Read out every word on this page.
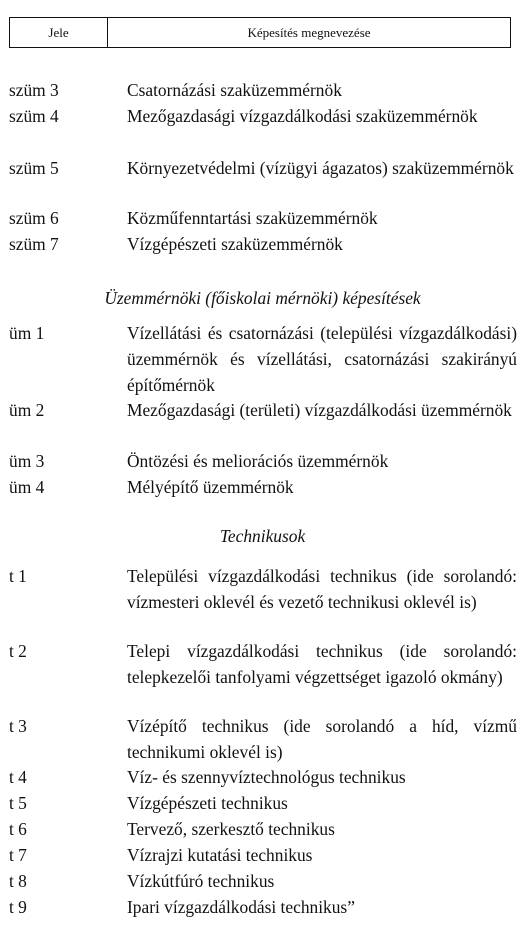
Jele	Képesítés megnevezése
szüm 3	Csatornázási szaküzemmérnök
szüm 4	Mezőgazdasági vízgazdálkodási szaküzemmérnök
szüm 5	Környezetvédelmi (vízügyi ágazatos) szaküzemmérnök
szüm 6	Közműfenntartási szaküzemmérnök
szüm 7	Vízgépészeti szaküzemmérnök
Üzemmérnöki (főiskolai mérnöki) képesítések
üm 1	Vízellátási és csatornázási (települési vízgazdálkodási) üzemmérnök és vízellátási, csatornázási szakirányú építőmérnök
üm 2	Mezőgazdasági (területi) vízgazdálkodási üzemmérnök
üm 3	Öntözési és meliorációs üzemmérnök
üm 4	Mélyépítő üzemmérnök
Technikusok
t 1	Települési vízgazdálkodási technikus (ide sorolandó: vízmesteri oklevél és vezető technikusi oklevél is)
t 2	Telepi vízgazdálkodási technikus (ide sorolandó: telepkezelői tanfolyami végzettséget igazoló okmány)
t 3	Vízépítő technikus (ide sorolandó a híd, vízmű technikumi oklevél is)
t 4	Víz- és szennyvíztechnológus technikus
t 5	Vízgépészeti technikus
t 6	Tervező, szerkesztő technikus
t 7	Vízrajzi kutatási technikus
t 8	Vízkútfúró technikus
t 9	Ipari vízgazdálkodási technikus”
